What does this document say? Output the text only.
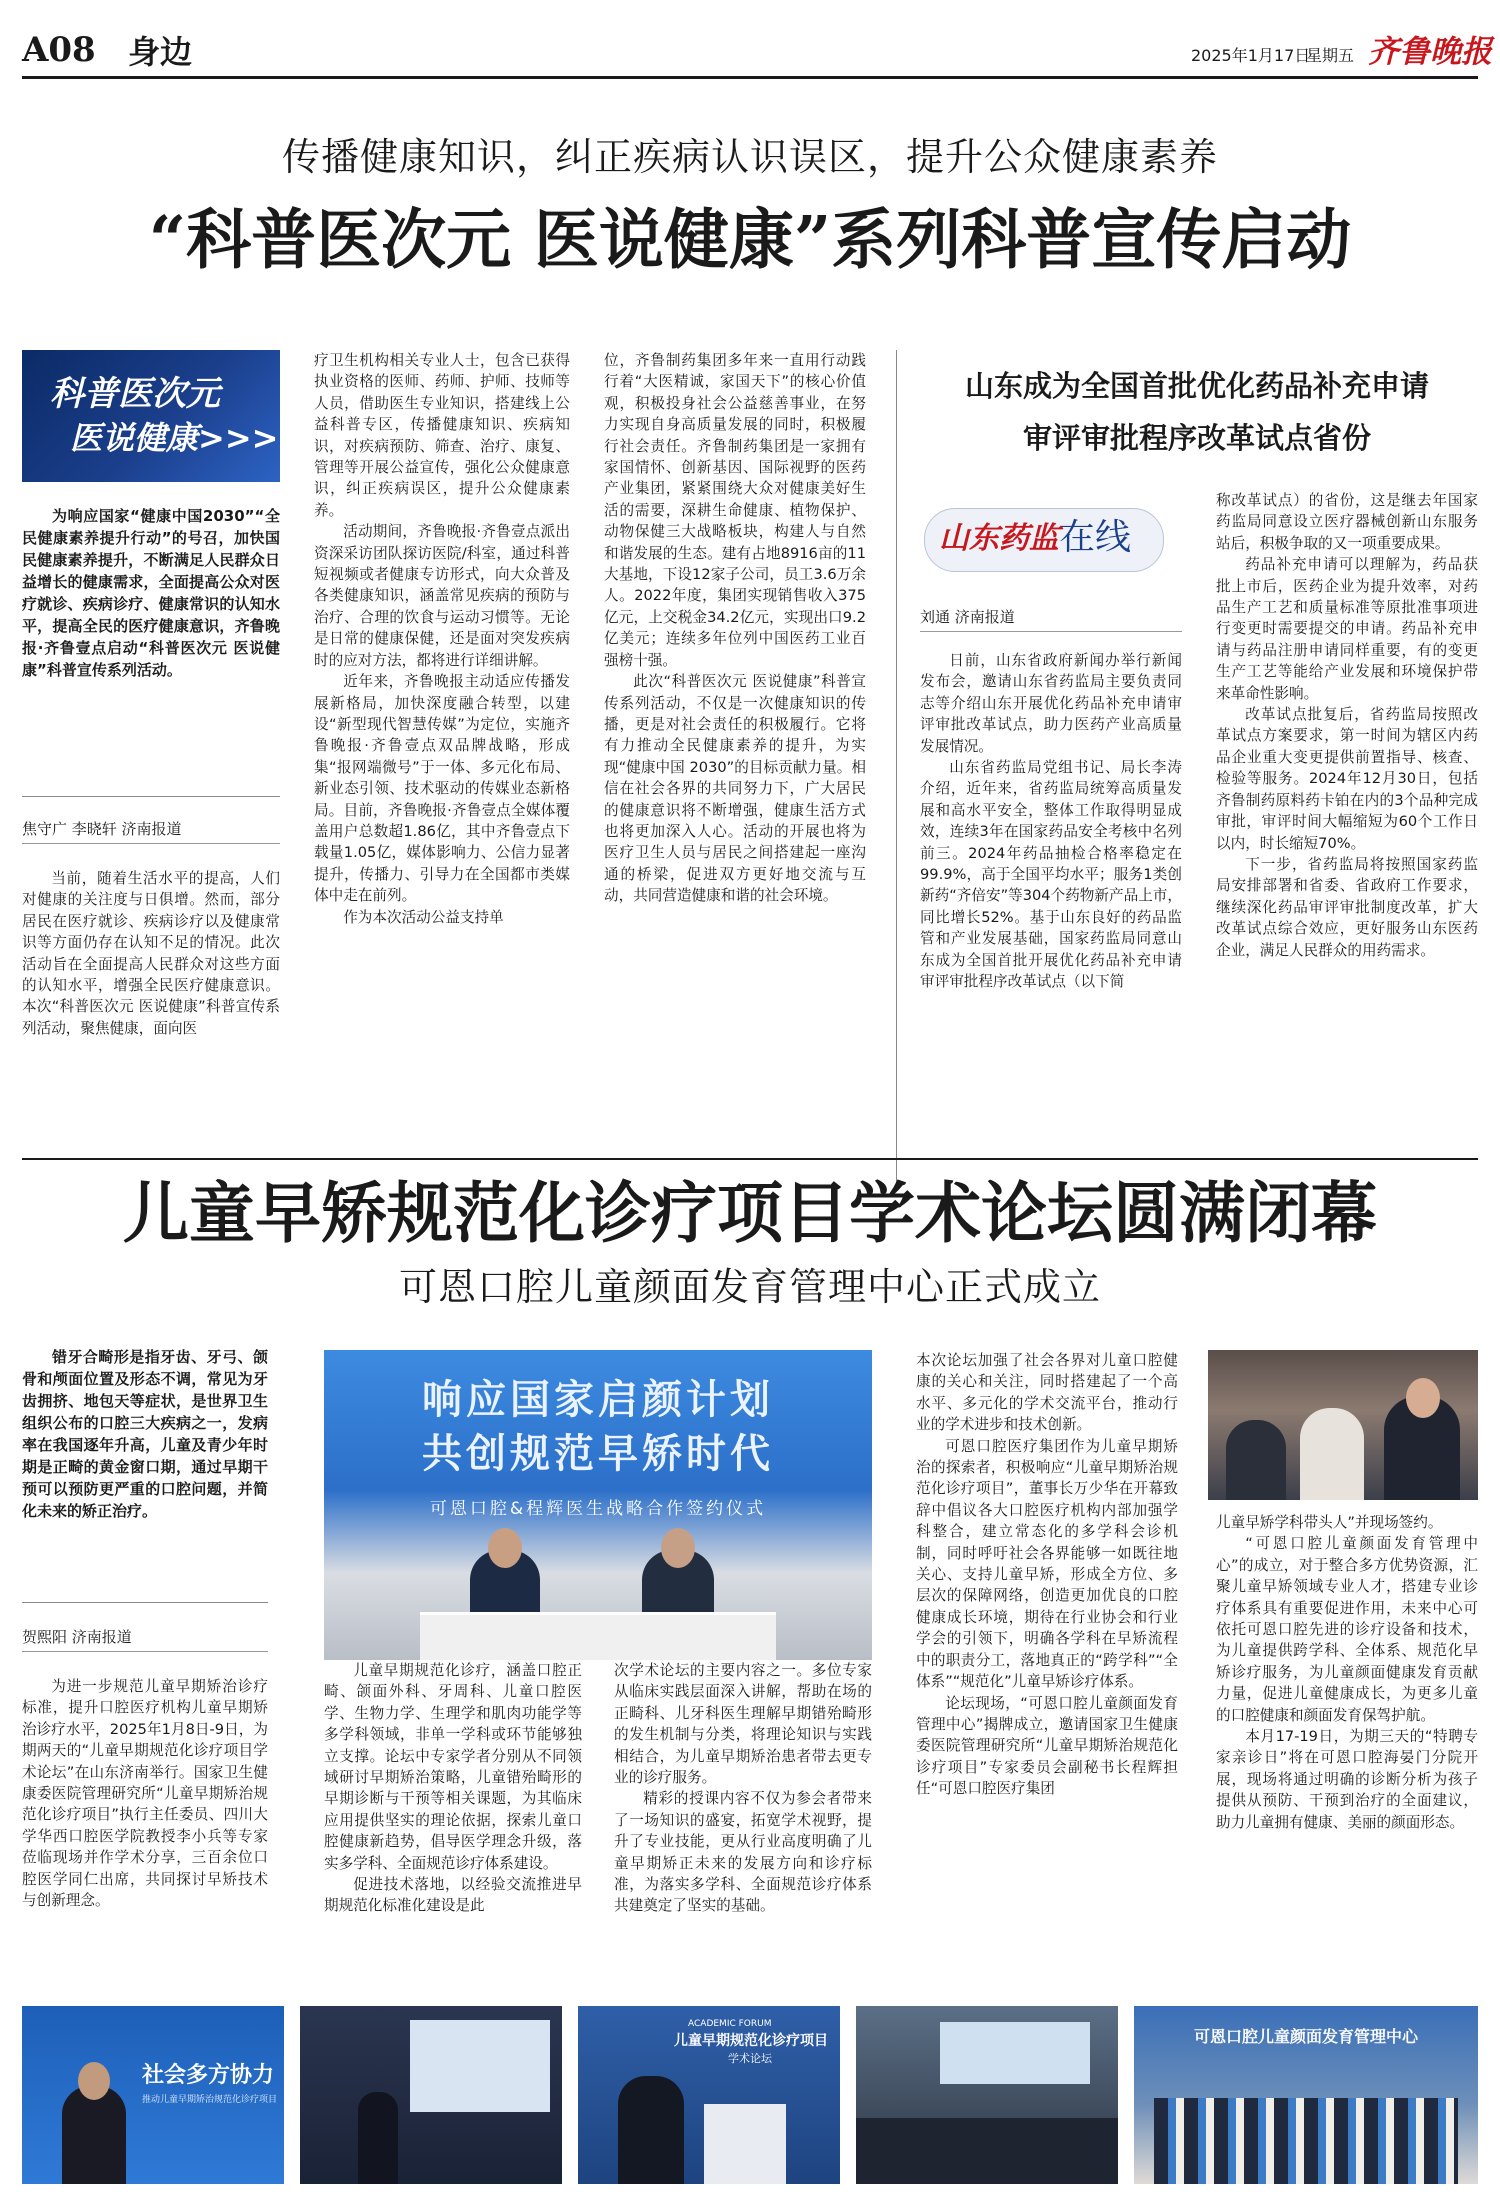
A08 身边	2025年1月17日
星期五 齐鲁晚报
传播健康知识，纠正疾病认识误区，提升公众健康素养
“科普医次元 医说健康”系列科普宣传启动
科普医次元
医说健康>>>

为响应国家“健康中国2030”“全民健康素养提升行动”的号召，加快国民健康素养提升，不断满足人民群众日益增长的健康需求，全面提高公众对医疗就诊、疾病诊疗、健康常识的认知水平，提高全民的医疗健康意识，齐鲁晚报·齐鲁壹点启动“科普医次元 医说健康”科普宣传系列活动。

焦守广 李晓轩 济南报道

当前，随着生活水平的提高，人们对健康的关注度与日俱增。然而，部分居民在医疗就诊、疾病诊疗以及健康常识等方面仍存在认知不足的情况。此次活动旨在全面提高人民群众对这些方面的认知水平，增强全民医疗健康意识。本次“科普医次元 医说健康”科普宣传系列活动，聚焦健康，面向医

疗卫生机构相关专业人士，包含已获得执业资格的医师、药师、护师、技师等人员，借助医生专业知识，搭建线上公益科普专区，传播健康知识、疾病知识，对疾病预防、筛查、治疗、康复、管理等开展公益宣传，强化公众健康意识，纠正疾病误区，提升公众健康素养。

活动期间，齐鲁晚报·齐鲁壹点派出资深采访团队探访医院/科室，通过科普短视频或者健康专访形式，向大众普及各类健康知识，涵盖常见疾病的预防与治疗、合理的饮食与运动习惯等。无论是日常的健康保健，还是面对突发疾病时的应对方法，都将进行详细讲解。

近年来，齐鲁晚报主动适应传播发展新格局，加快深度融合转型，以建设“新型现代智慧传媒”为定位，实施齐鲁晚报·齐鲁壹点双品牌战略，形成集“报网端微号”于一体、多元化布局、新业态引领、技术驱动的传媒业态新格局。目前，齐鲁晚报·齐鲁壹点全媒体覆盖用户总数超1.86亿，其中齐鲁壹点下载量1.05亿，媒体影响力、公信力显著提升，传播力、引导力在全国都市类媒体中走在前列。

作为本次活动公益支持单

位，齐鲁制药集团多年来一直用行动践行着“大医精诚，家国天下”的核心价值观，积极投身社会公益慈善事业，在努力实现自身高质量发展的同时，积极履行社会责任。齐鲁制药集团是一家拥有家国情怀、创新基因、国际视野的医药产业集团，紧紧围绕大众对健康美好生活的需要，深耕生命健康、植物保护、动物保健三大战略板块，构建人与自然和谐发展的生态。建有占地8916亩的11大基地，下设12家子公司，员工3.6万余人。2022年度，集团实现销售收入375亿元，上交税金34.2亿元，实现出口9.2亿美元；连续多年位列中国医药工业百强榜十强。

此次“科普医次元 医说健康”科普宣传系列活动，不仅是一次健康知识的传播，更是对社会责任的积极履行。它将有力推动全民健康素养的提升，为实现“健康中国 2030”的目标贡献力量。相信在社会各界的共同努力下，广大居民的健康意识将不断增强，健康生活方式也将更加深入人心。活动的开展也将为医疗卫生人员与居民之间搭建起一座沟通的桥梁，促进双方更好地交流与互动，共同营造健康和谐的社会环境。

山东成为全国首批优化药品补充申请
审评审批程序改革试点省份
山东药监 在线
刘通 济南报道

日前，山东省政府新闻办举行新闻发布会，邀请山东省药监局主要负责同志等介绍山东开展优化药品补充申请审评审批改革试点，助力医药产业高质量发展情况。

山东省药监局党组书记、局长李涛介绍，近年来，省药监局统筹高质量发展和高水平安全，整体工作取得明显成效，连续3年在国家药品安全考核中名列前三。2024年药品抽检合格率稳定在99.9%，高于全国平均水平；服务1类创新药“齐倍安”等304个药物新产品上市，同比增长52%。基于山东良好的药品监管和产业发展基础，国家药监局同意山东成为全国首批开展优化药品补充申请审评审批程序改革试点（以下简

称改革试点）的省份，这是继去年国家药监局同意设立医疗器械创新山东服务站后，积极争取的又一项重要成果。

药品补充申请可以理解为，药品获批上市后，医药企业为提升效率，对药品生产工艺和质量标准等原批准事项进行变更时需要提交的申请。药品补充申请与药品注册申请同样重要，有的变更生产工艺等能给产业发展和环境保护带来革命性影响。

改革试点批复后，省药监局按照改革试点方案要求，第一时间为辖区内药品企业重大变更提供前置指导、核查、检验等服务。2024年12月30日，包括齐鲁制药原料药卡铂在内的3个品种完成审批，审评时间大幅缩短为60个工作日以内，时长缩短70%。

下一步，省药监局将按照国家药监局安排部署和省委、省政府工作要求，继续深化药品审评审批制度改革，扩大改革试点综合效应，更好服务山东医药企业，满足人民群众的用药需求。

儿童早矫规范化诊疗项目学术论坛圆满闭幕
可恩口腔儿童颜面发育管理中心正式成立

错牙合畸形是指牙齿、牙弓、颌骨和颅面位置及形态不调，常见为牙齿拥挤、地包天等症状，是世界卫生组织公布的口腔三大疾病之一，发病率在我国逐年升高，儿童及青少年时期是正畸的黄金窗口期，通过早期干预可以预防更严重的口腔问题，并简化未来的矫正治疗。

贺熙阳 济南报道

为进一步规范儿童早期矫治诊疗标准，提升口腔医疗机构儿童早期矫治诊疗水平，2025年1月8日-9日，为期两天的“儿童早期规范化诊疗项目学术论坛”在山东济南举行。国家卫生健康委医院管理研究所“儿童早期矫治规范化诊疗项目”执行主任委员、四川大学华西口腔医学院教授李小兵等专家莅临现场并作学术分享，三百余位口腔医学同仁出席，共同探讨早矫技术与创新理念。

响应国家启颜计划
共创规范早矫时代
可恩口腔&程辉医生战略合作签约仪式

儿童早期规范化诊疗，涵盖口腔正畸、颌面外科、牙周科、儿童口腔医学、生物力学、生理学和肌肉功能学等多学科领域，非单一学科或环节能够独立支撑。论坛中专家学者分别从不同领域研讨早期矫治策略，儿童错殆畸形的早期诊断与干预等相关课题，为其临床应用提供坚实的理论依据，探索儿童口腔健康新趋势，倡导医学理念升级，落实多学科、全面规范诊疗体系建设。

促进技术落地，以经验交流推进早期规范化标准化建设是此

次学术论坛的主要内容之一。多位专家从临床实践层面深入讲解，帮助在场的正畸科、儿牙科医生理解早期错殆畸形的发生机制与分类，将理论知识与实践相结合，为儿童早期矫治患者带去更专业的诊疗服务。

精彩的授课内容不仅为参会者带来了一场知识的盛宴，拓宽学术视野，提升了专业技能，更从行业高度明确了儿童早期矫正未来的发展方向和诊疗标准，为落实多学科、全面规范诊疗体系共建奠定了坚实的基础。

本次论坛加强了社会各界对儿童口腔健康的关心和关注，同时搭建起了一个高水平、多元化的学术交流平台，推动行业的学术进步和技术创新。

可恩口腔医疗集团作为儿童早期矫治的探索者，积极响应“儿童早期矫治规范化诊疗项目”，董事长万少华在开幕致辞中倡议各大口腔医疗机构内部加强学科整合，建立常态化的多学科会诊机制，同时呼吁社会各界能够一如既往地关心、支持儿童早矫，形成全方位、多层次的保障网络，创造更加优良的口腔健康成长环境，期待在行业协会和行业学会的引领下，明确各学科在早矫流程中的职责分工，落地真正的“跨学科”“全体系”“规范化”儿童早矫诊疗体系。

论坛现场，“可恩口腔儿童颜面发育管理中心”揭牌成立，邀请国家卫生健康委医院管理研究所“儿童早期矫治规范化诊疗项目”专家委员会副秘书长程辉担任“可恩口腔医疗集团

儿童早矫学科带头人”并现场签约。

“可恩口腔儿童颜面发育管理中心”的成立，对于整合多方优势资源，汇聚儿童早矫领域专业人才，搭建专业诊疗体系具有重要促进作用，未来中心可依托可恩口腔先进的诊疗设备和技术，为儿童提供跨学科、全体系、规范化早矫诊疗服务，为儿童颜面健康发育贡献力量，促进儿童健康成长，为更多儿童的口腔健康和颜面发育保驾护航。

本月17-19日，为期三天的“特聘专家亲诊日”将在可恩口腔海晏门分院开展，现场将通过明确的诊断分析为孩子提供从预防、干预到治疗的全面建议，助力儿童拥有健康、美丽的颜面形态。

社会多方协力
推动儿童早期矫治规范化诊疗项目
ACADEMIC FORUM
儿童早期规范化诊疗项目
学术论坛
可恩口腔儿童颜面发育管理中心
